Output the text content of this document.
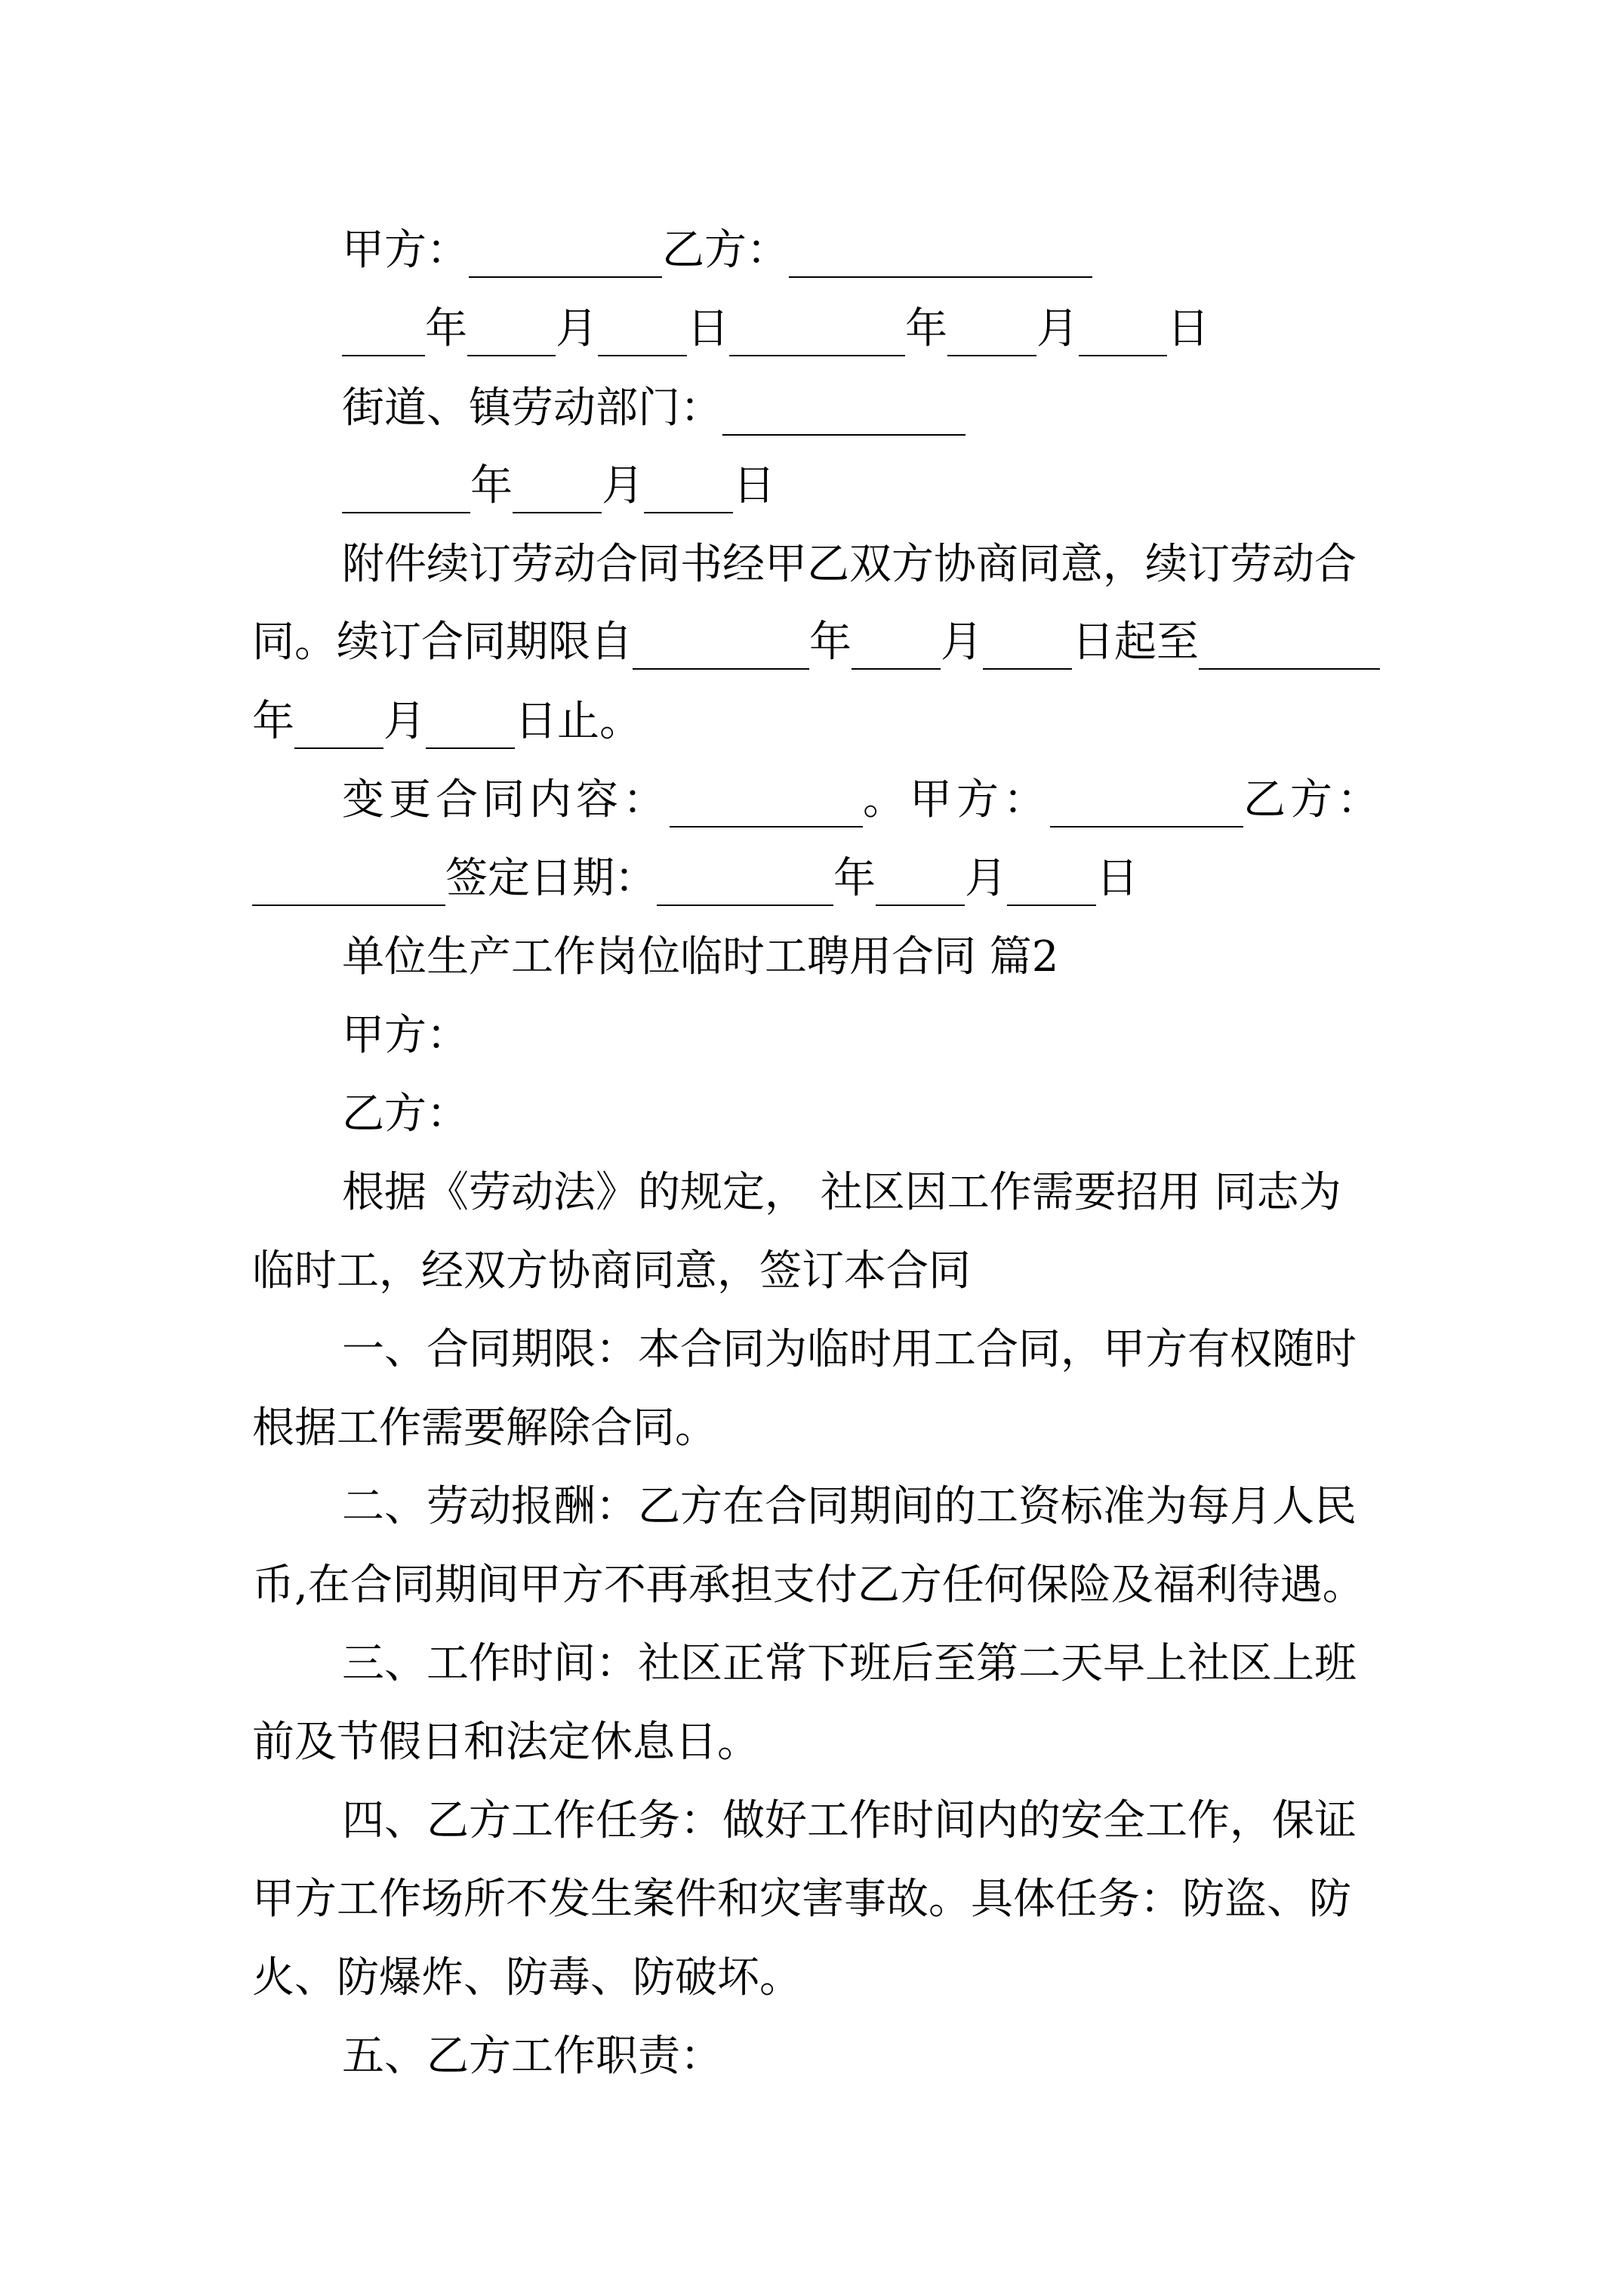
甲方：	乙方：
年 月 日	年 月 日
街道、镇劳动部门：
年 月 日
附件续订劳动合同书经甲乙双方协商同意，续订劳动合
同。续订合同期限自	年 月 日起至
年 月 日止。
变更合同内容：	。甲方：	乙方：
签定日期：	年 月 日
单位生产工作岗位临时工聘用合同 篇2
甲方：
乙方：
根据《劳动法》的规定， 社区因工作需要招用 同志为
临时工，经双方协商同意，签订本合同
一、合同期限：本合同为临时用工合同，甲方有权随时
根据工作需要解除合同。
二、劳动报酬：乙方在合同期间的工资标准为每月人民
币,在合同期间甲方不再承担支付乙方任何保险及福利待遇。
三、工作时间：社区正常下班后至第二天早上社区上班
前及节假日和法定休息日。
四、乙方工作任务：做好工作时间内的安全工作，保证
甲方工作场所不发生案件和灾害事故。具体任务：防盗、防
火、防爆炸、防毒、防破坏。
五、乙方工作职责：
